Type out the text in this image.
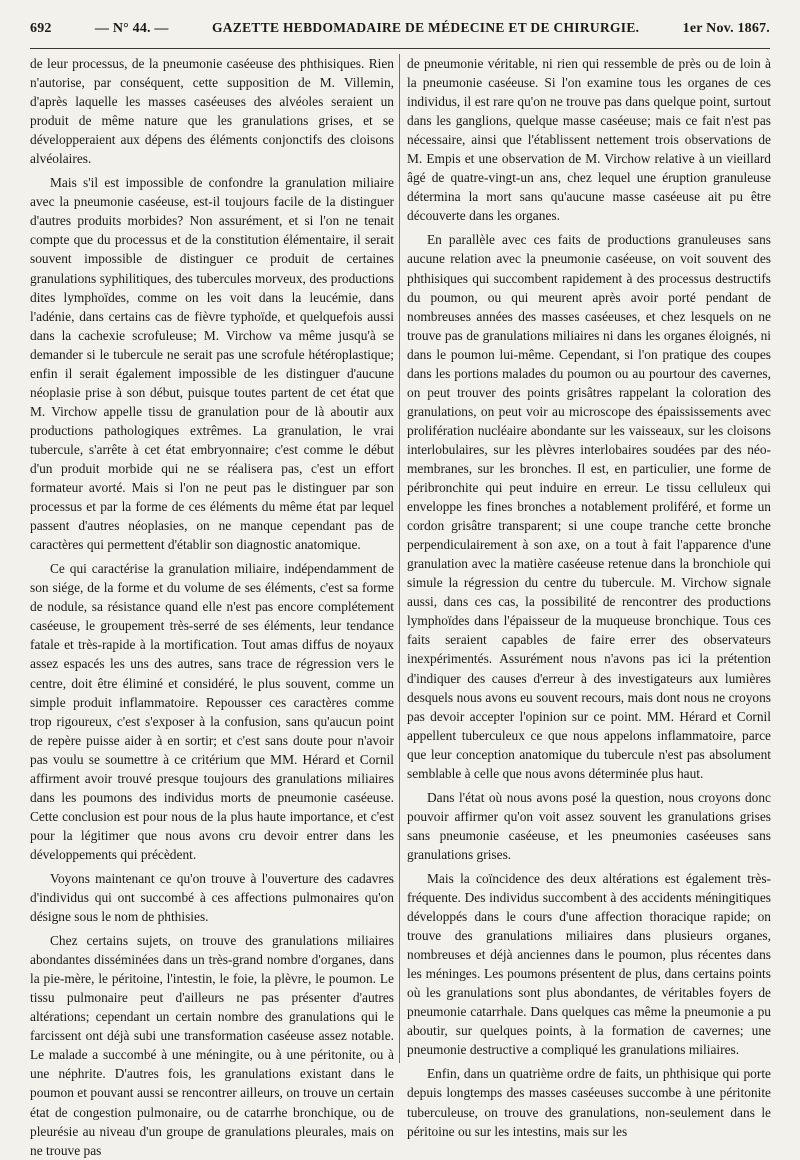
692	— N° 44. —	GAZETTE HEBDOMADAIRE DE MÉDECINE ET DE CHIRURGIE.	1er Nov. 1867.

de leur processus, de la pneumonie caséeuse des phthisiques. Rien n'autorise, par conséquent, cette supposition de M. Villemin, d'après laquelle les masses caséeuses des alvéoles seraient un produit de même nature que les granulations grises, et se développeraient aux dépens des éléments conjonctifs des cloisons alvéolaires.

Mais s'il est impossible de confondre la granulation miliaire avec la pneumonie caséeuse, est-il toujours facile de la distinguer d'autres produits morbides? Non assurément, et si l'on ne tenait compte que du processus et de la constitution élémentaire, il serait souvent impossible de distinguer ce produit de certaines granulations syphilitiques, des tubercules morveux, des productions dites lymphoïdes, comme on les voit dans la leucémie, dans l'adénie, dans certains cas de fièvre typhoïde, et quelquefois aussi dans la cachexie scrofuleuse; M. Virchow va même jusqu'à se demander si le tubercule ne serait pas une scrofule hétéroplastique; enfin il serait également impossible de les distinguer d'aucune néoplasie prise à son début, puisque toutes partent de cet état que M. Virchow appelle tissu de granulation pour de là aboutir aux productions pathologiques extrêmes. La granulation, le vrai tubercule, s'arrête à cet état embryonnaire; c'est comme le début d'un produit morbide qui ne se réalisera pas, c'est un effort formateur avorté. Mais si l'on ne peut pas le distinguer par son processus et par la forme de ces éléments du même état par lequel passent d'autres néoplasies, on ne manque cependant pas de caractères qui permettent d'établir son diagnostic anatomique.

Ce qui caractérise la granulation miliaire, indépendamment de son siége, de la forme et du volume de ses éléments, c'est sa forme de nodule, sa résistance quand elle n'est pas encore complétement caséeuse, le groupement très-serré de ses éléments, leur tendance fatale et très-rapide à la mortification. Tout amas diffus de noyaux assez espacés les uns des autres, sans trace de régression vers le centre, doit être éliminé et considéré, le plus souvent, comme un simple produit inflammatoire. Repousser ces caractères comme trop rigoureux, c'est s'exposer à la confusion, sans qu'aucun point de repère puisse aider à en sortir; et c'est sans doute pour n'avoir pas voulu se soumettre à ce critérium que MM. Hérard et Cornil affirment avoir trouvé presque toujours des granulations miliaires dans les poumons des individus morts de pneumonie caséeuse. Cette conclusion est pour nous de la plus haute importance, et c'est pour la légitimer que nous avons cru devoir entrer dans les développements qui précèdent.

Voyons maintenant ce qu'on trouve à l'ouverture des cadavres d'individus qui ont succombé à ces affections pulmonaires qu'on désigne sous le nom de phthisies.

Chez certains sujets, on trouve des granulations miliaires abondantes disséminées dans un très-grand nombre d'organes, dans la pie-mère, le péritoine, l'intestin, le foie, la plèvre, le poumon. Le tissu pulmonaire peut d'ailleurs ne pas présenter d'autres altérations; cependant un certain nombre des granulations qui le farcissent ont déjà subi une transformation caséeuse assez notable. Le malade a succombé à une méningite, ou à une péritonite, ou à une néphrite. D'autres fois, les granulations existant dans le poumon et pouvant aussi se rencontrer ailleurs, on trouve un certain état de congestion pulmonaire, ou de catarrhe bronchique, ou de pleurésie au niveau d'un groupe de granulations pleurales, mais on ne trouve pas

de pneumonie véritable, ni rien qui ressemble de près ou de loin à la pneumonie caséeuse. Si l'on examine tous les organes de ces individus, il est rare qu'on ne trouve pas dans quelque point, surtout dans les ganglions, quelque masse caséeuse; mais ce fait n'est pas nécessaire, ainsi que l'établissent nettement trois observations de M. Empis et une observation de M. Virchow relative à un vieillard âgé de quatre-vingt-un ans, chez lequel une éruption granuleuse détermina la mort sans qu'aucune masse caséeuse ait pu être découverte dans les organes.

En parallèle avec ces faits de productions granuleuses sans aucune relation avec la pneumonie caséeuse, on voit souvent des phthisiques qui succombent rapidement à des processus destructifs du poumon, ou qui meurent après avoir porté pendant de nombreuses années des masses caséeuses, et chez lesquels on ne trouve pas de granulations miliaires ni dans les organes éloignés, ni dans le poumon lui-même. Cependant, si l'on pratique des coupes dans les portions malades du poumon ou au pourtour des cavernes, on peut trouver des points grisâtres rappelant la coloration des granulations, on peut voir au microscope des épaississements avec prolifération nucléaire abondante sur les vaisseaux, sur les cloisons interlobulaires, sur les plèvres interlobaires soudées par des néo-membranes, sur les bronches. Il est, en particulier, une forme de péribronchite qui peut induire en erreur. Le tissu celluleux qui enveloppe les fines bronches a notablement proliféré, et forme un cordon grisâtre transparent; si une coupe tranche cette bronche perpendiculairement à son axe, on a tout à fait l'apparence d'une granulation avec la matière caséeuse retenue dans la bronchiole qui simule la régression du centre du tubercule. M. Virchow signale aussi, dans ces cas, la possibilité de rencontrer des productions lymphoïdes dans l'épaisseur de la muqueuse bronchique. Tous ces faits seraient capables de faire errer des observateurs inexpérimentés. Assurément nous n'avons pas ici la prétention d'indiquer des causes d'erreur à des investigateurs aux lumières desquels nous avons eu souvent recours, mais dont nous ne croyons pas devoir accepter l'opinion sur ce point. MM. Hérard et Cornil appellent tuberculeux ce que nous appelons inflammatoire, parce que leur conception anatomique du tubercule n'est pas absolument semblable à celle que nous avons déterminée plus haut.

Dans l'état où nous avons posé la question, nous croyons donc pouvoir affirmer qu'on voit assez souvent les granulations grises sans pneumonie caséeuse, et les pneumonies caséeuses sans granulations grises.

Mais la coïncidence des deux altérations est également très-fréquente. Des individus succombent à des accidents méningitiques développés dans le cours d'une affection thoracique rapide; on trouve des granulations miliaires dans plusieurs organes, nombreuses et déjà anciennes dans le poumon, plus récentes dans les méninges. Les poumons présentent de plus, dans certains points où les granulations sont plus abondantes, de véritables foyers de pneumonie catarrhale. Dans quelques cas même la pneumonie a pu aboutir, sur quelques points, à la formation de cavernes; une pneumonie destructive a compliqué les granulations miliaires.

Enfin, dans un quatrième ordre de faits, un phthisique qui porte depuis longtemps des masses caséeuses succombe à une péritonite tuberculeuse, on trouve des granulations, non-seulement dans le péritoine ou sur les intestins, mais sur les
